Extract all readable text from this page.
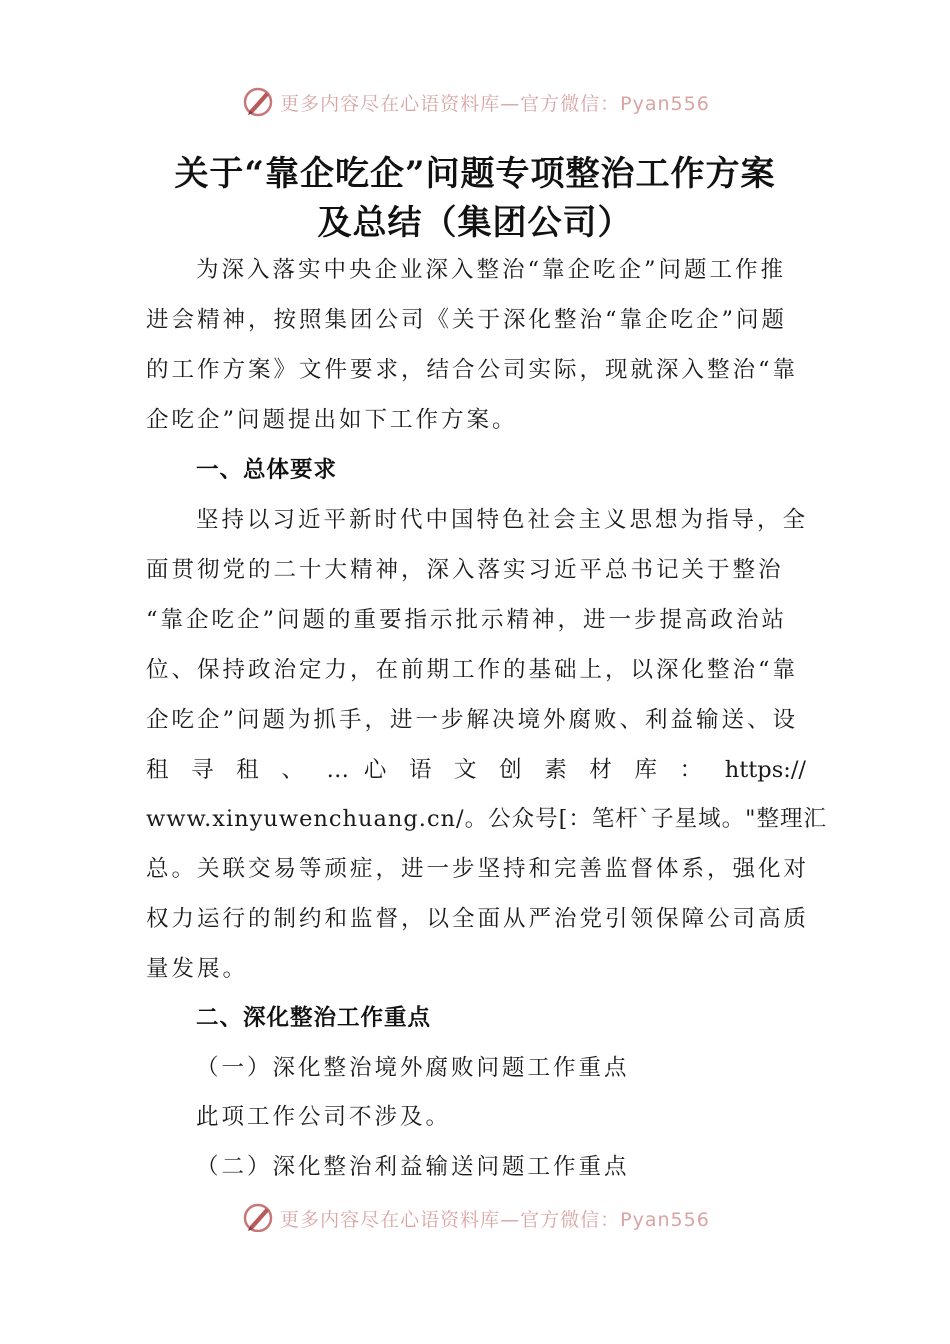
更多内容尽在心语资料库—官方微信：Pyan556
关于“靠企吃企”问题专项整治工作方案
及总结（集团公司）
为深入落实中央企业深入整治“靠企吃企”问题工作推
进会精神，按照集团公司《关于深化整治“靠企吃企”问题
的工作方案》文件要求，结合公司实际，现就深入整治“靠
企吃企”问题提出如下工作方案。
一、总体要求
坚持以习近平新时代中国特色社会主义思想为指导，全
面贯彻党的二十大精神，深入落实习近平总书记关于整治
“靠企吃企”问题的重要指示批示精神，进一步提高政治站
位、保持政治定力，在前期工作的基础上，以深化整治“靠
企吃企”问题为抓手，进一步解决境外腐败、利益输送、设
租 寻 租 、 … 心 语 文 创 素 材 库 ： https://
www.xinyuwenchuang.cn/。公众号[：笔杆`子星域。"整理汇
总。关联交易等顽症，进一步坚持和完善监督体系，强化对
权力运行的制约和监督，以全面从严治党引领保障公司高质
量发展。
二、深化整治工作重点
（一）深化整治境外腐败问题工作重点
此项工作公司不涉及。
（二）深化整治利益输送问题工作重点
更多内容尽在心语资料库—官方微信：Pyan556
